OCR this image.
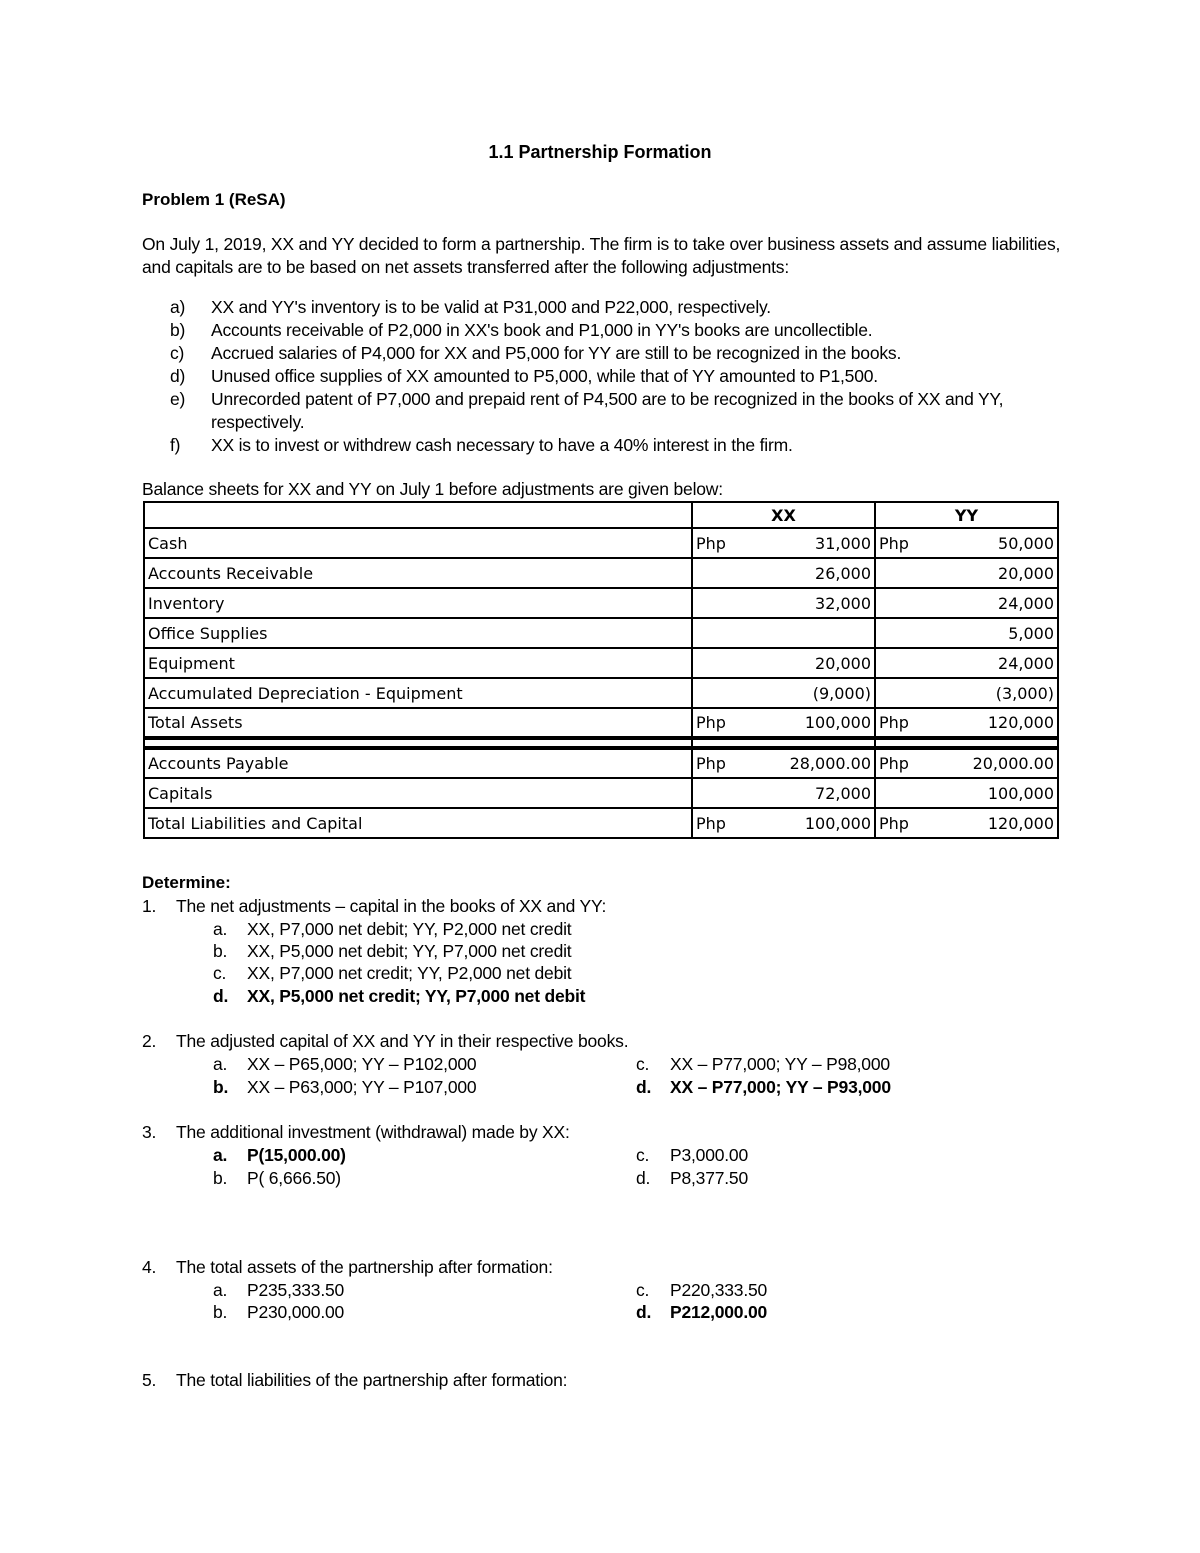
1.1 Partnership Formation
Problem 1 (ReSA)
On July 1, 2019, XX and YY decided to form a partnership. The firm is to take over business assets and assume liabilities, and capitals are to be based on net assets transferred after the following adjustments:
a)	XX and YY's inventory is to be valid at P31,000 and P22,000, respectively.
b)	Accounts receivable of P2,000 in XX's book and P1,000 in YY's books are uncollectible.
c)	Accrued salaries of P4,000 for XX and P5,000 for YY are still to be recognized in the books.
d)	Unused office supplies of XX amounted to P5,000, while that of YY amounted to P1,500.
e)	Unrecorded patent of P7,000 and prepaid rent of P4,500 are to be recognized in the books of XX and YY, respectively.
f)	XX is to invest or withdrew cash necessary to have a 40% interest in the firm.
Balance sheets for XX and YY on July 1 before adjustments are given below:
	XX	YY
Cash	Php 31,000	Php 50,000

Accounts Receivable	26,000	20,000

Inventory	32,000	24,000

Office Supplies		5,000

Equipment	20,000	24,000

Accumulated Depreciation - Equipment	(9,000)	(3,000)

Total Assets	Php 100,000	Php 120,000

Accounts Payable	Php 28,000.00	Php 20,000.00

Capitals	72,000	100,000

Total Liabilities and Capital	Php 100,000	Php 120,000
Determine:
1. The net adjustments – capital in the books of XX and YY:
a. XX, P7,000 net debit; YY, P2,000 net credit
b. XX, P5,000 net debit; YY, P7,000 net credit
c. XX, P7,000 net credit; YY, P2,000 net debit
d. XX, P5,000 net credit; YY, P7,000 net debit
2. The adjusted capital of XX and YY in their respective books.
a. XX – P65,000; YY – P102,000
b. XX – P63,000; YY – P107,000
c. XX – P77,000; YY – P98,000
d. XX – P77,000; YY – P93,000
3. The additional investment (withdrawal) made by XX:
a. P(15,000.00)
b. P( 6,666.50)
c. P3,000.00
d. P8,377.50
4. The total assets of the partnership after formation:
a. P235,333.50
b. P230,000.00
c. P220,333.50
d. P212,000.00
5. The total liabilities of the partnership after formation:
